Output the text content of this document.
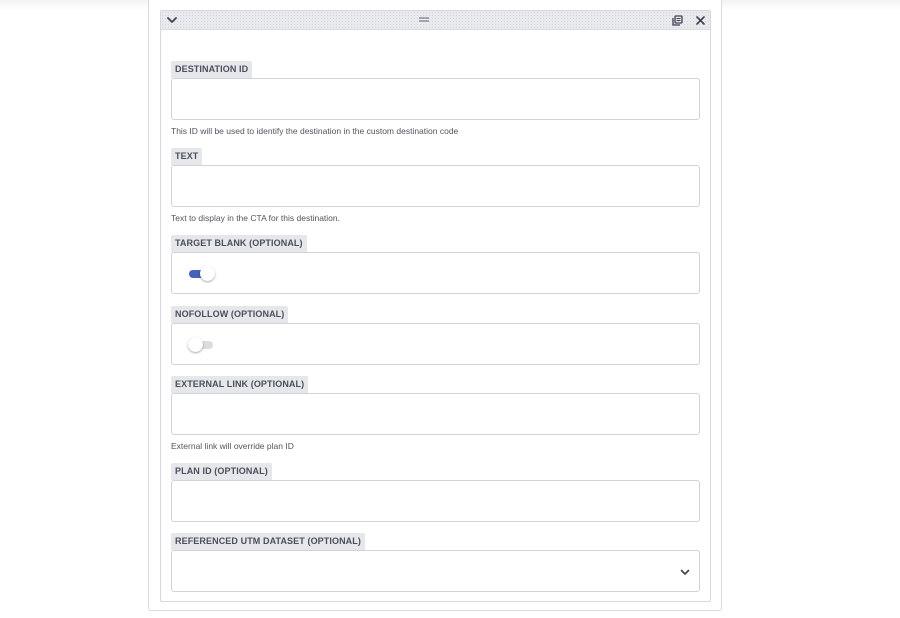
DESTINATION ID
This ID will be used to identify the destination in the custom destination code
TEXT
Text to display in the CTA for this destination.
TARGET BLANK (OPTIONAL)
NOFOLLOW (OPTIONAL)
EXTERNAL LINK (OPTIONAL)
External link will override plan ID
PLAN ID (OPTIONAL)
REFERENCED UTM DATASET (OPTIONAL)
